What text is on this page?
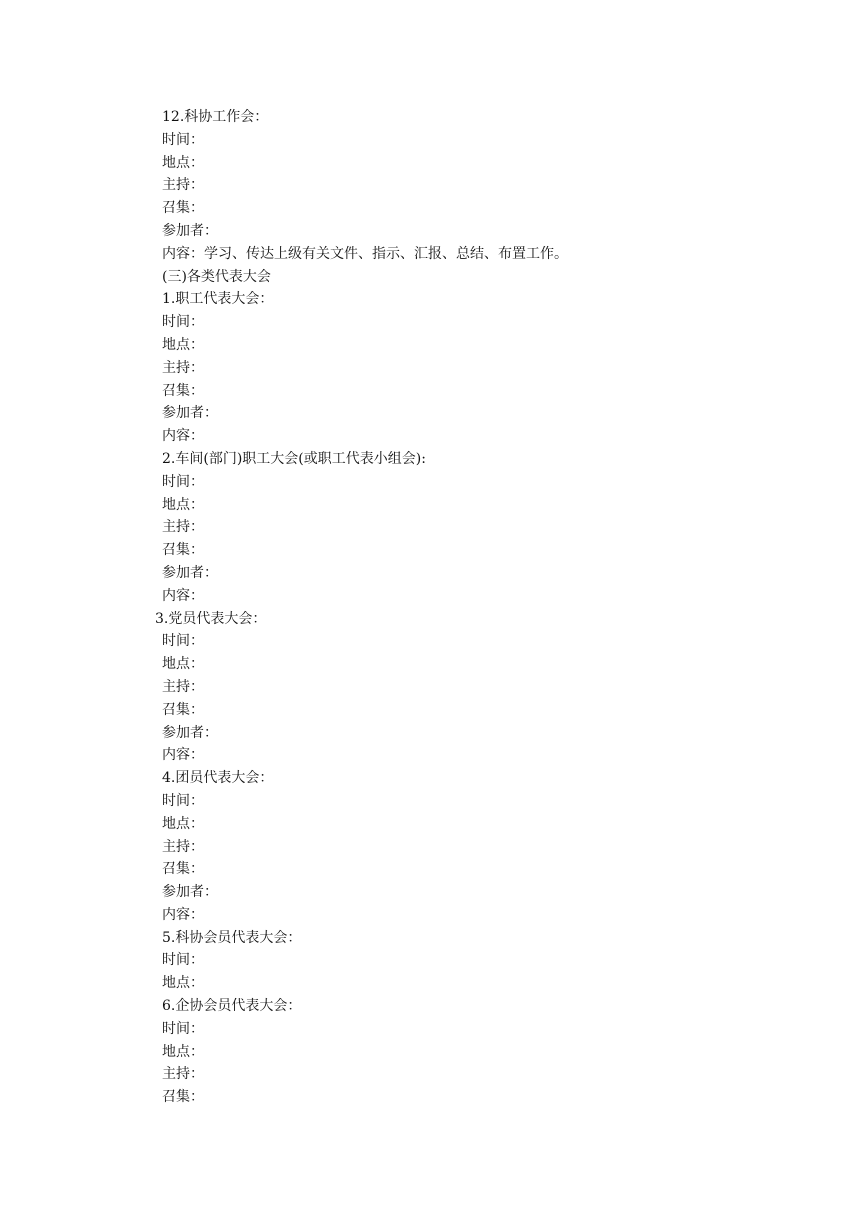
12.科协工作会：
时间：
地点：
主持：
召集：
参加者：
内容：学习、传达上级有关文件、指示、汇报、总结、布置工作。
(三)各类代表大会
1.职工代表大会：
时间：
地点：
主持：
召集：
参加者：
内容：
2.车间(部门)职工大会(或职工代表小组会):
时间：
地点：
主持：
召集：
参加者：
内容：
3.党员代表大会：
时间：
地点：
主持：
召集：
参加者：
内容：
4.团员代表大会：
时间：
地点：
主持：
召集：
参加者：
内容：
5.科协会员代表大会：
时间：
地点：
6.企协会员代表大会：
时间：
地点：
主持：
召集：
